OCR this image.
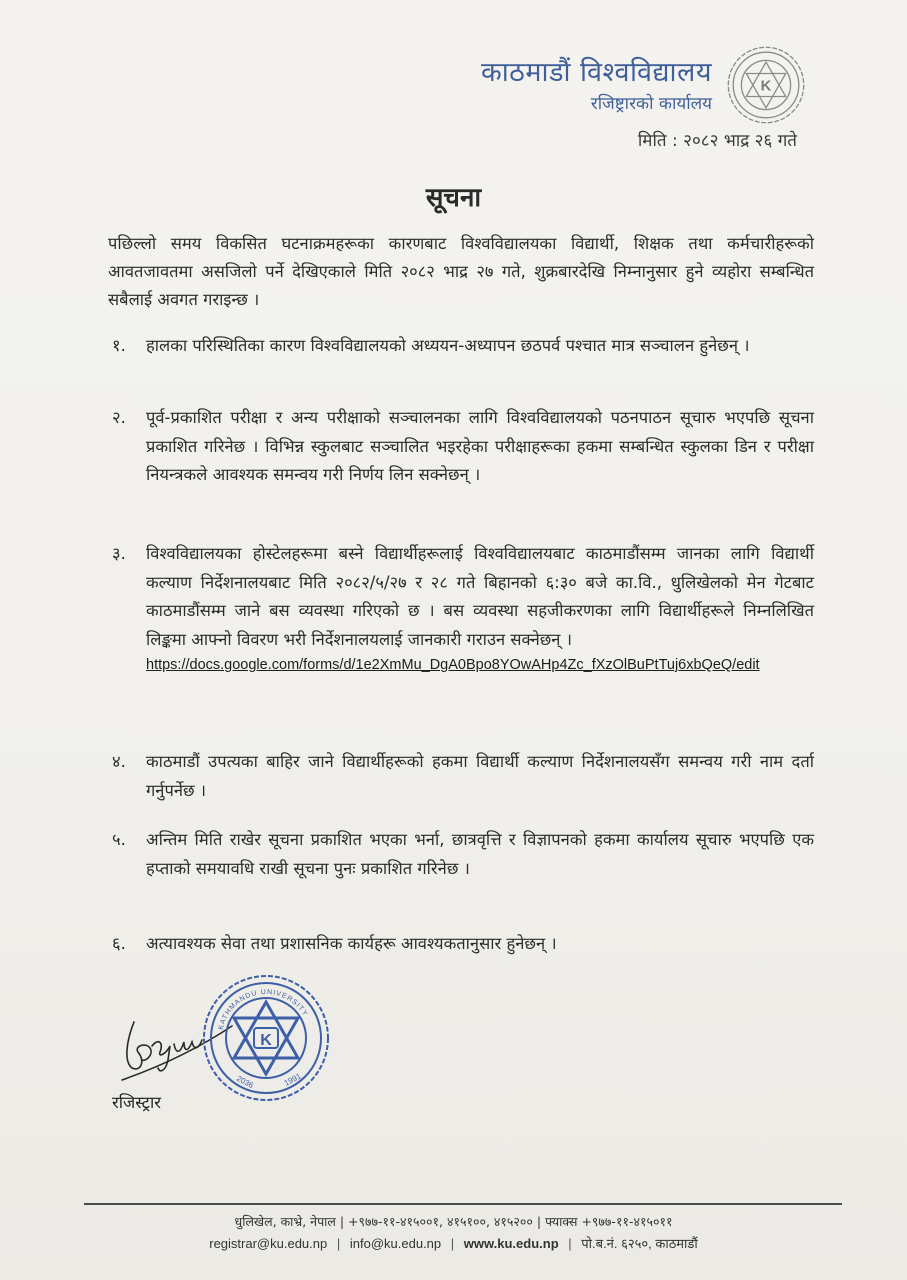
काठमाडौं विश्वविद्यालय
रजिष्ट्रारको कार्यालय
K
मिति : २०८२ भाद्र २६ गते
सूचना
पछिल्लो समय विकसित घटनाक्रमहरूका कारणबाट विश्वविद्यालयका विद्यार्थी, शिक्षक तथा कर्मचारीहरूको आवतजावतमा असजिलो पर्ने देखिएकाले मिति २०८२ भाद्र २७ गते, शुक्रबारदेखि निम्नानुसार हुने व्यहोरा सम्बन्धित सबैलाई अवगत गराइन्छ ।
१.	हालका परिस्थितिका कारण विश्वविद्यालयको अध्ययन-अध्यापन छठपर्व पश्चात मात्र सञ्चालन हुनेछन् ।
२.	पूर्व-प्रकाशित परीक्षा र अन्य परीक्षाको सञ्चालनका लागि विश्वविद्यालयको पठनपाठन सूचारु भएपछि सूचना प्रकाशित गरिनेछ । विभिन्न स्कुलबाट सञ्चालित भइरहेका परीक्षाहरूका हकमा सम्बन्धित स्कुलका डिन र परीक्षा नियन्त्रकले आवश्यक समन्वय गरी निर्णय लिन सक्नेछन् ।
३.	विश्वविद्यालयका होस्टेलहरूमा बस्ने विद्यार्थीहरूलाई विश्वविद्यालयबाट काठमाडौंसम्म जानका लागि विद्यार्थी कल्याण निर्देशनालयबाट मिति २०८२/५/२७ र २८ गते बिहानको ६:३० बजे का.वि., धुलिखेलको मेन गेटबाट काठमाडौंसम्म जाने बस व्यवस्था गरिएको छ । बस व्यवस्था सहजीकरणका लागि विद्यार्थीहरूले निम्नलिखित लिङ्कमा आफ्नो विवरण भरी निर्देशनालयलाई जानकारी गराउन सक्नेछन् ।
https://docs.google.com/forms/d/1e2XmMu_DgA0Bpo8YOwAHp4Zc_fXzOlBuPtTuj6xbQeQ/edit
४.	काठमाडौं उपत्यका बाहिर जाने विद्यार्थीहरूको हकमा विद्यार्थी कल्याण निर्देशनालयसँग समन्वय गरी नाम दर्ता गर्नुपर्नेछ ।
५.	अन्तिम मिति राखेर सूचना प्रकाशित भएका भर्ना, छात्रवृत्ति र विज्ञापनको हकमा कार्यालय सूचारु भएपछि एक हप्ताको समयावधि राखी सूचना पुनः प्रकाशित गरिनेछ ।
६.	अत्यावश्यक सेवा तथा प्रशासनिक कार्यहरू आवश्यकतानुसार हुनेछन् ।
K
KATHMANDU UNIVERSITY
2036	1991
रजिस्ट्रार
धुलिखेल, काभ्रे, नेपाल | +९७७-११-४१५००१, ४१५१००, ४१५२०० | फ्याक्स +९७७-११-४१५०११
registrar@ku.edu.np | info@ku.edu.np | www.ku.edu.np | पो.ब.नं. ६२५०, काठमाडौं
